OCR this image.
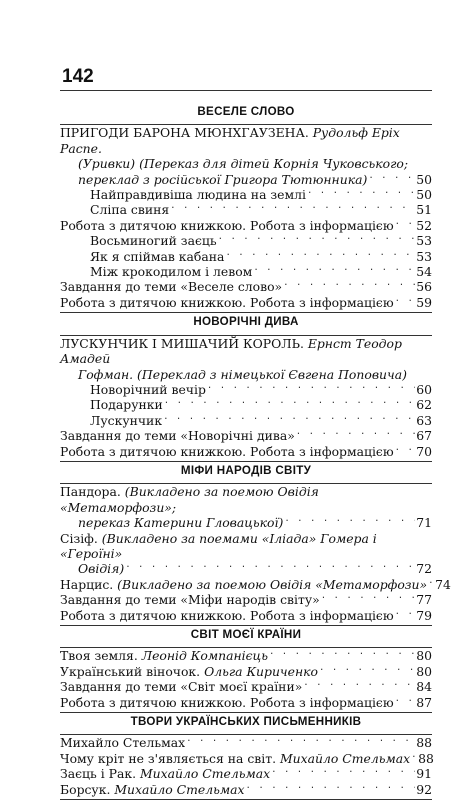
142
ВЕСЕЛЕ СЛОВО
ПРИГОДИ БАРОНА МЮНХГАУЗЕНА. Рудольф Еріх Распе.
(Уривки) (Переказ для дітей Корнія Чуковського;
переклад з російської Григора Тютюнника) . . .	50
Найправдивіша людина на землі . . .	50
Сліпа свиня . . .	51
Робота з дитячою книжкою. Робота з інформацією . . . 52
Восьминогий заєць . . .	53
Як я спіймав кабана . . .	53
Між крокодилом і левом . . .	54
Завдання до теми «Веселе слово» . . .	56
Робота з дитячою книжкою. Робота з інформацією . . . 59
НОВОРІЧНІ ДИВА
ЛУСКУНЧИК І МИШАЧИЙ КОРОЛЬ. Ернст Теодор Амадей
Гофман. (Переклад з німецької Євгена Поповича)
Новорічний вечір . . .	60
Подарунки . . .	62
Лускунчик . . .	63
Завдання до теми «Новорічні дива» . . .	67
Робота з дитячою книжкою. Робота з інформацією . . . 70
МІФИ НАРОДІВ СВІТУ
Пандора. (Викладено за поемою Овідія «Метаморфози»;
переказ Катерини Гловацької) . . .	71
Сізіф. (Викладено за поемами «Іліада» Гомера і «Героїні»
Овідія) . . .	72
Нарцис. (Викладено за поемою Овідія «Метаморфози» . . . 74
Завдання до теми «Міфи народів світу» . . .	77
Робота з дитячою книжкою. Робота з інформацією . . . 79
СВІТ МОЄЇ КРАЇНИ
Твоя земля. Леонід Компанієць . . .	80
Український віночок. Ольга Кириченко . . .	80
Завдання до теми «Світ моєї країни» . . .	84
Робота з дитячою книжкою. Робота з інформацією . . . 87
ТВОРИ УКРАЇНСЬКИХ ПИСЬМЕННИКІВ
Михайло Стельмах . . .	88
Чому кріт не з'являється на світ. Михайло Стельмах . . . 88
Заєць і Рак. Михайло Стельмах . . .	91
Борсук. Михайло Стельмах . . .	92
